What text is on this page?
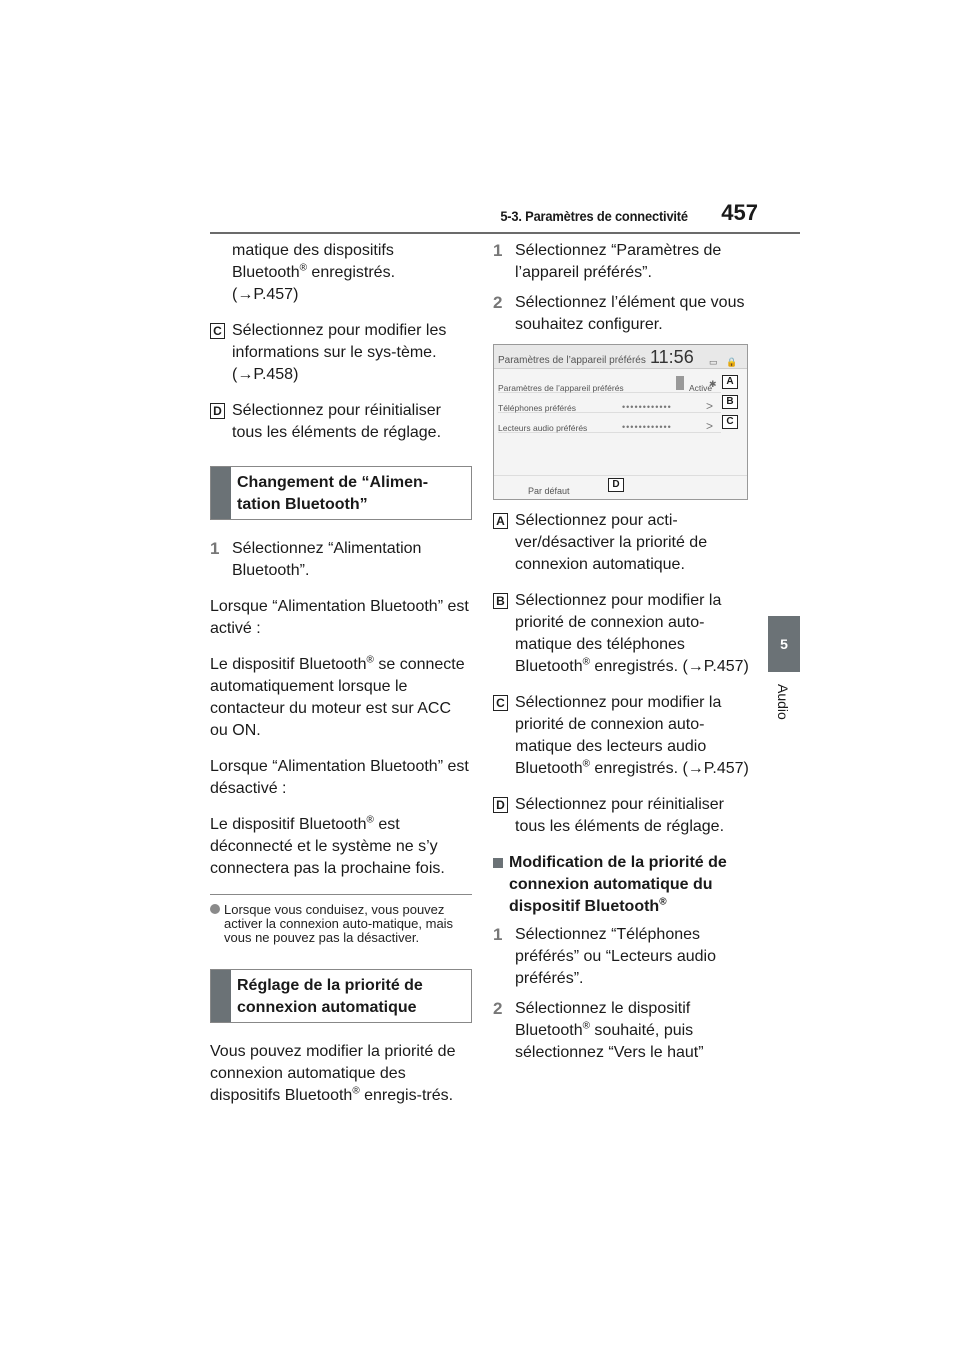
5-3. Paramètres de connectivité 457
5
Audio
matique des dispositifs
Bluetooth® enregistrés.
(→P.457)
C Sélectionnez pour modifier les informations sur le sys-tème. (→P.458)
D Sélectionnez pour réinitialiser tous les éléments de réglage.
Changement de “Alimen-tation Bluetooth”
1 Sélectionnez “Alimentation Bluetooth”.
Lorsque “Alimentation Bluetooth” est activé :
Le dispositif Bluetooth® se connecte automatiquement lorsque le contacteur du moteur est sur ACC ou ON.
Lorsque “Alimentation Bluetooth” est désactivé :
Le dispositif Bluetooth® est déconnecté et le système ne s’y connectera pas la prochaine fois.
Lorsque vous conduisez, vous pouvez activer la connexion auto-matique, mais vous ne pouvez pas la désactiver.
Réglage de la priorité de connexion automatique
Vous pouvez modifier la priorité de connexion automatique des dispositifs Bluetooth® enregis-trés.
1 Sélectionnez “Paramètres de l’appareil préférés”.
2 Sélectionnez l’élément que vous souhaitez configurer.
Paramètres de l’appareil préférés 11:56 ▭ 🔒 ✱
Paramètres de l’appareil préférés	Activé
Téléphones préférés	••••••••••••	>
Lecteurs audio préférés	••••••••••••	>
A
B
C
Par défaut
D
A Sélectionnez pour acti-ver/désactiver la priorité de connexion automatique.
B Sélectionnez pour modifier la priorité de connexion auto-matique des téléphones Bluetooth® enregistrés. (→P.457)
C Sélectionnez pour modifier la priorité de connexion auto-matique des lecteurs audio Bluetooth® enregistrés. (→P.457)
D Sélectionnez pour réinitialiser tous les éléments de réglage.
Modification de la priorité de connexion automatique du dispositif Bluetooth®
1 Sélectionnez “Téléphones préférés” ou “Lecteurs audio préférés”.
2 Sélectionnez le dispositif Bluetooth® souhaité, puis sélectionnez “Vers le haut”
